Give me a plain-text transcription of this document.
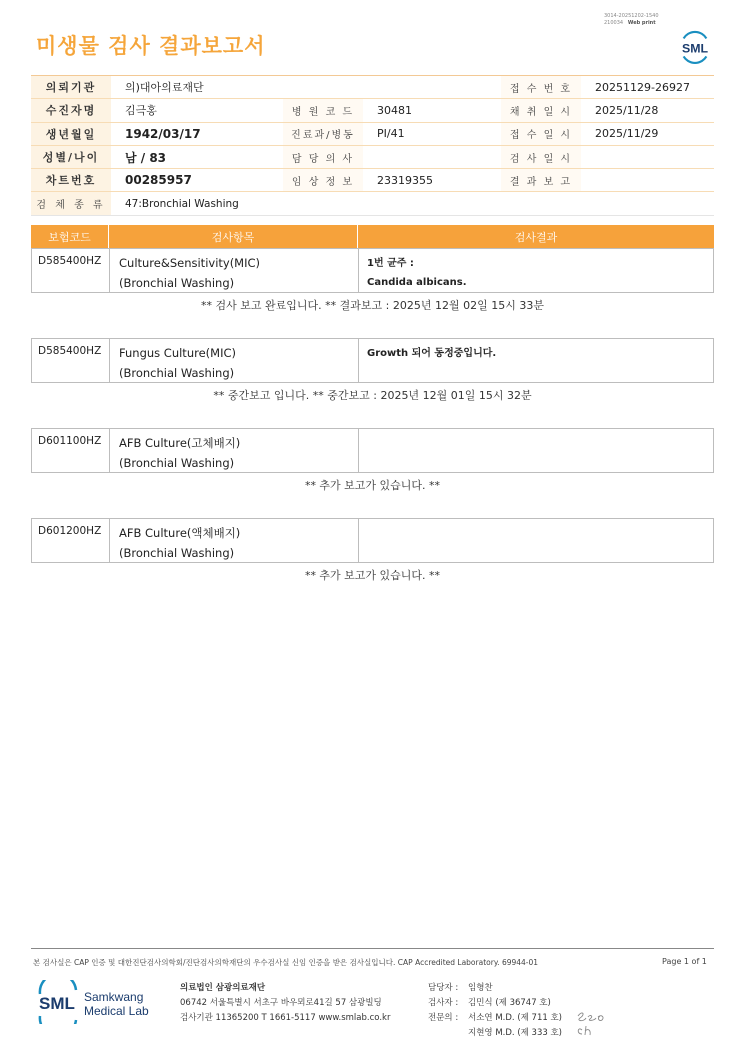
미생물 검사 결과보고서
3014-20251202-1540
210034 Web print
SML
의뢰기관	의)대아의료재단	접 수 번 호	20251129-26927
수진자명	김극홍	병 원 코 드	30481	채 취 일 시	2025/11/28
생년월일	1942/03/17	진료과/병동	PI/41	접 수 일 시	2025/11/29
성별/나이	남 / 83	담 당 의 사	검 사 일 시
차트번호	00285957	임 상 정 보	23319355	결 과 보 고
검 체 종 류	47:Bronchial Washing
보험코드	검사항목	검사결과
D585400HZ	Culture&Sensitivity(MIC)
(Bronchial Washing)
1번 균주 :
Candida albicans.
** 검사 보고 완료입니다. ** 결과보고 : 2025년 12월 02일 15시 33분
D585400HZ	Fungus Culture(MIC)
(Bronchial Washing)
Growth 되어 동정중입니다.
** 중간보고 입니다. ** 중간보고 : 2025년 12월 01일 15시 32분
D601100HZ	AFB Culture(고체배지)
(Bronchial Washing)
** 추가 보고가 있습니다. **
D601200HZ	AFB Culture(액체배지)
(Bronchial Washing)
** 추가 보고가 있습니다. **
본 검사실은 CAP 인증 및 대한진단검사의학회/진단검사의학재단의 우수검사실 신임 인증을 받은 검사실입니다. CAP Accredited Laboratory. 69944-01	Page 1 of 1
SML Samkwang
Medical Lab
의료법인 삼광의료재단
06742 서울특별시 서초구 바우뫼로41길 57 삼광빌딩
검사기관 11365200 T 1661-5117 www.smlab.co.kr
담당자 :	임형찬
검사자 :	김민식 (제 36747 호)
전문의 :	서소연 M.D. (제 711 호)
지현영 M.D. (제 333 호)
